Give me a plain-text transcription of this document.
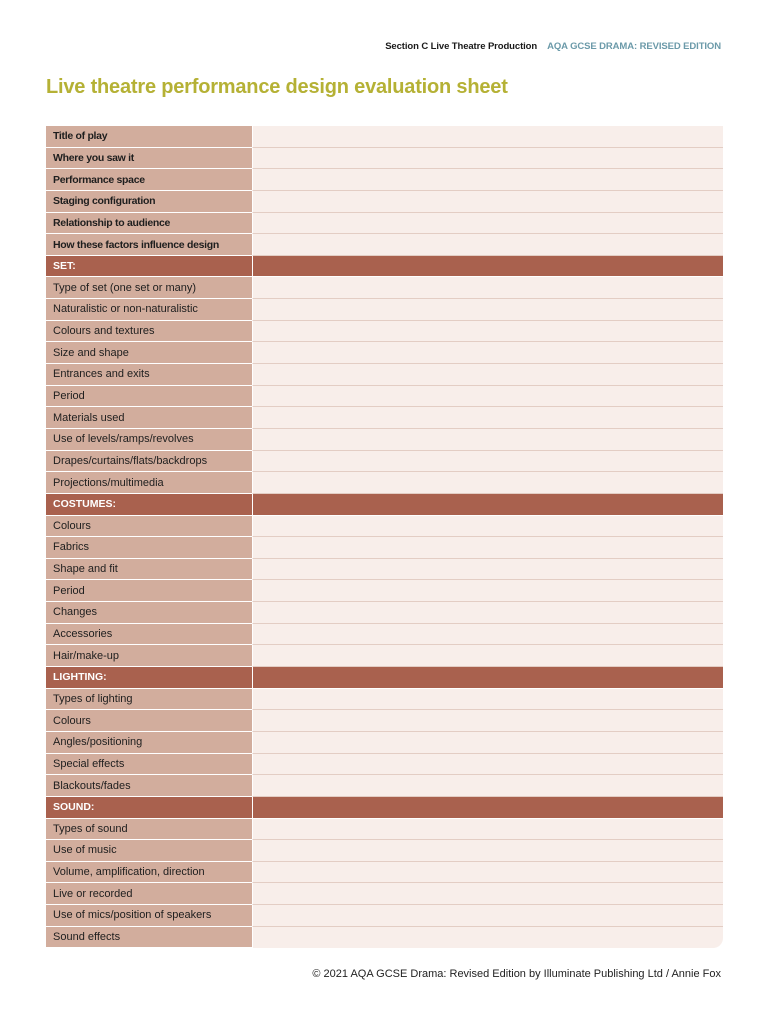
Section C Live Theatre Production AQA GCSE DRAMA: REVISED EDITION
Live theatre performance design evaluation sheet
Title of play
Where you saw it
Performance space
Staging configuration
Relationship to audience
How these factors influence design
SET:
Type of set (one set or many)
Naturalistic or non-naturalistic
Colours and textures
Size and shape
Entrances and exits
Period
Materials used
Use of levels/ramps/revolves
Drapes/curtains/flats/backdrops
Projections/multimedia
COSTUMES:
Colours
Fabrics
Shape and fit
Period
Changes
Accessories
Hair/make-up
LIGHTING:
Types of lighting
Colours
Angles/positioning
Special effects
Blackouts/fades
SOUND:
Types of sound
Use of music
Volume, amplification, direction
Live or recorded
Use of mics/position of speakers
Sound effects
© 2021 AQA GCSE Drama: Revised Edition by Illuminate Publishing Ltd / Annie Fox
